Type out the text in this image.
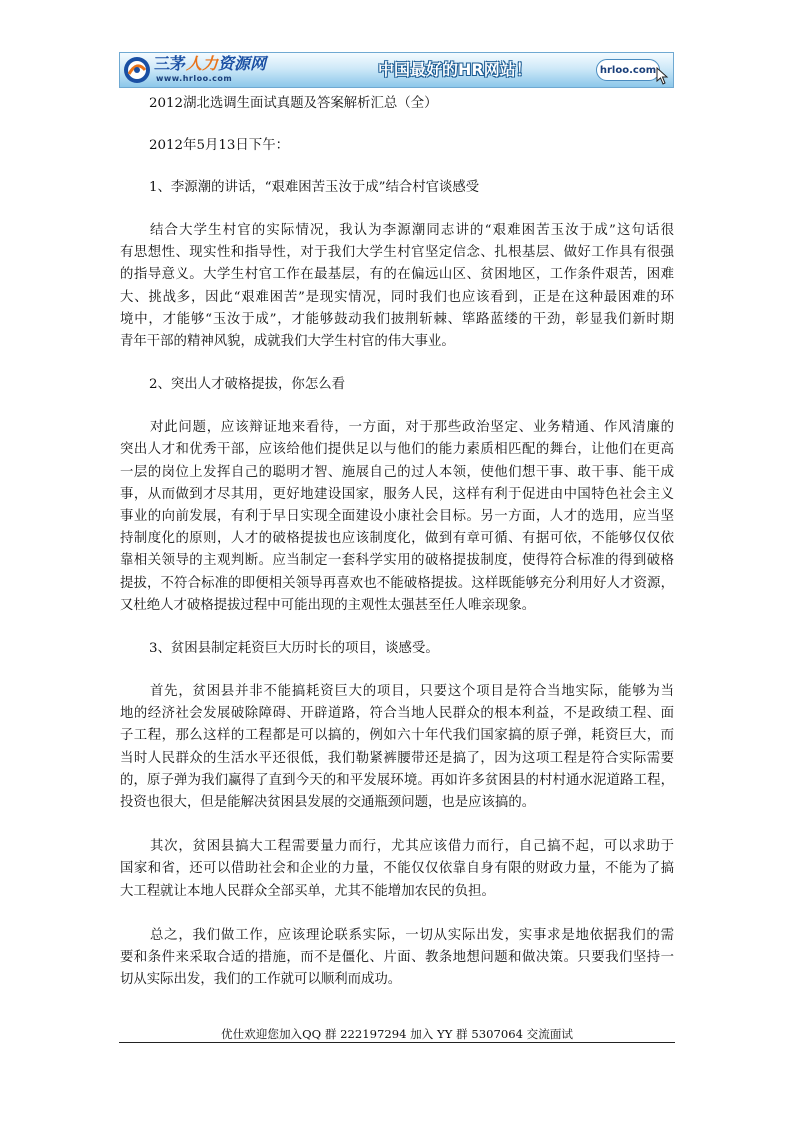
三茅人力资源网
www.hrloo.com	中国最好的HR网站！	hrloo.com

2012湖北选调生面试真题及答案解析汇总（全）

2012年5月13日下午：

1、李源潮的讲话，“艰难困苦玉汝于成”结合村官谈感受

结合大学生村官的实际情况，我认为李源潮同志讲的“艰难困苦玉汝于成”这句话很
有思想性、现实性和指导性，对于我们大学生村官坚定信念、扎根基层、做好工作具有很强
的指导意义。大学生村官工作在最基层，有的在偏远山区、贫困地区，工作条件艰苦，困难
大、挑战多，因此“艰难困苦”是现实情况，同时我们也应该看到，正是在这种最困难的环
境中，才能够“玉汝于成”，才能够鼓动我们披荆斩棘、筚路蓝缕的干劲，彰显我们新时期
青年干部的精神风貌，成就我们大学生村官的伟大事业。

2、突出人才破格提拔，你怎么看

对此问题，应该辩证地来看待，一方面，对于那些政治坚定、业务精通、作风清廉的
突出人才和优秀干部，应该给他们提供足以与他们的能力素质相匹配的舞台，让他们在更高
一层的岗位上发挥自己的聪明才智、施展自己的过人本领，使他们想干事、敢干事、能干成
事，从而做到才尽其用，更好地建设国家，服务人民，这样有利于促进由中国特色社会主义
事业的向前发展，有利于早日实现全面建设小康社会目标。另一方面，人才的选用，应当坚
持制度化的原则，人才的破格提拔也应该制度化，做到有章可循、有据可依，不能够仅仅依
靠相关领导的主观判断。应当制定一套科学实用的破格提拔制度，使得符合标准的得到破格
提拔，不符合标准的即便相关领导再喜欢也不能破格提拔。这样既能够充分利用好人才资源，
又杜绝人才破格提拔过程中可能出现的主观性太强甚至任人唯亲现象。

3、贫困县制定耗资巨大历时长的项目，谈感受。

首先，贫困县并非不能搞耗资巨大的项目，只要这个项目是符合当地实际，能够为当
地的经济社会发展破除障碍、开辟道路，符合当地人民群众的根本利益，不是政绩工程、面
子工程，那么这样的工程都是可以搞的，例如六十年代我们国家搞的原子弹，耗资巨大，而
当时人民群众的生活水平还很低，我们勒紧裤腰带还是搞了，因为这项工程是符合实际需要
的，原子弹为我们赢得了直到今天的和平发展环境。再如许多贫困县的村村通水泥道路工程，
投资也很大，但是能解决贫困县发展的交通瓶颈问题，也是应该搞的。
其次，贫困县搞大工程需要量力而行，尤其应该借力而行，自己搞不起，可以求助于
国家和省，还可以借助社会和企业的力量，不能仅仅依靠自身有限的财政力量，不能为了搞
大工程就让本地人民群众全部买单，尤其不能增加农民的负担。
总之，我们做工作，应该理论联系实际，一切从实际出发，实事求是地依据我们的需
要和条件来采取合适的措施，而不是僵化、片面、教条地想问题和做决策。只要我们坚持一
切从实际出发，我们的工作就可以顺利而成功。
优仕欢迎您加入QQ 群 222197294 加入 YY 群 5307064 交流面试
